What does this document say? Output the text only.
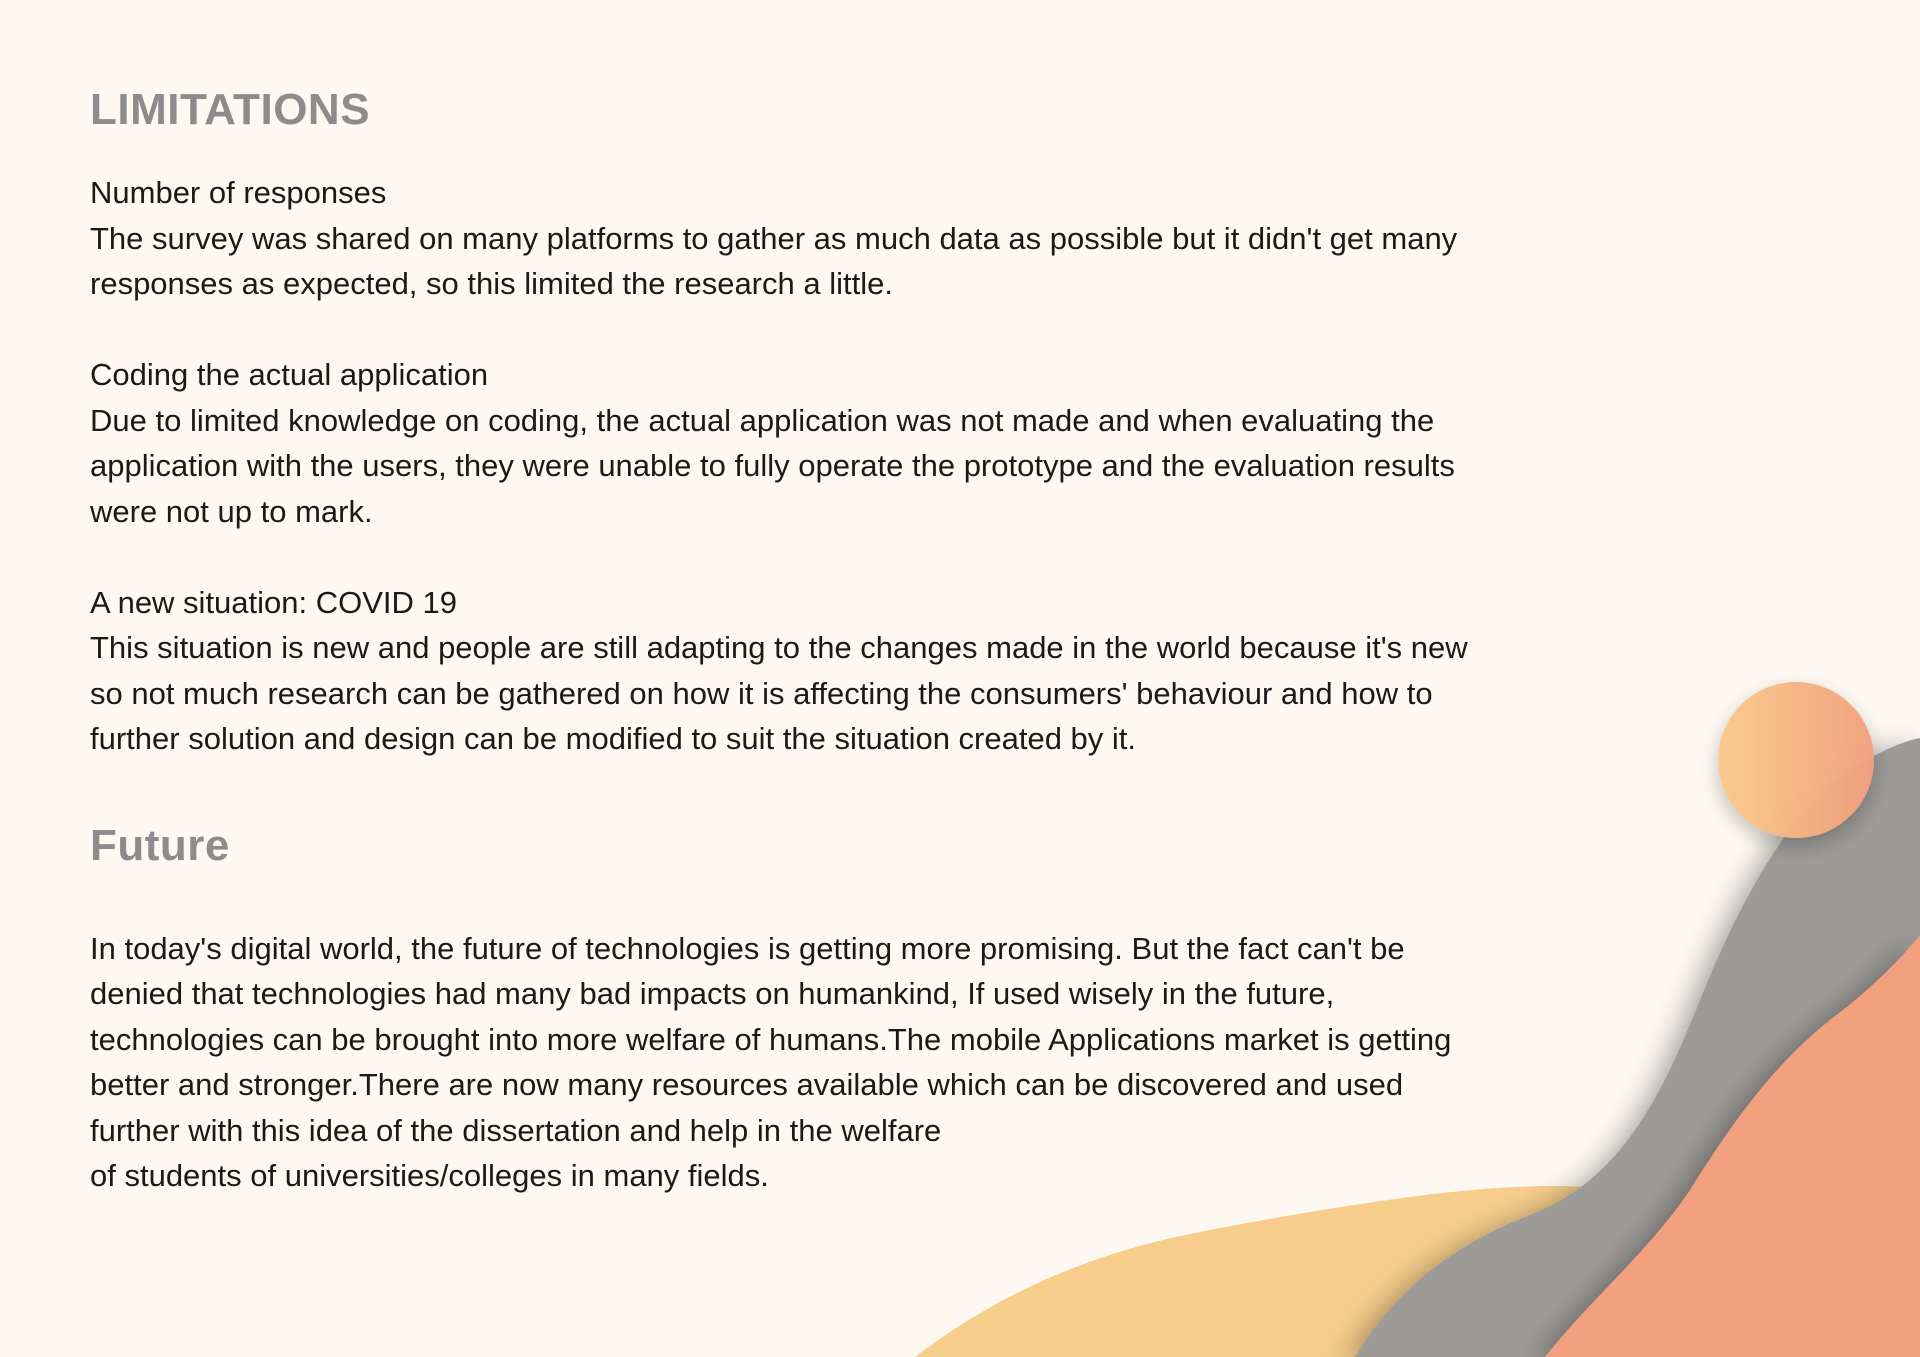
LIMITATIONS

Number of responses

The survey was shared on many platforms to gather as much data as possible but it didn't get many

responses as expected, so this limited the research a little.

Coding the actual application

Due to limited knowledge on coding, the actual application was not made and when evaluating the

application with the users, they were unable to fully operate the prototype and the evaluation results

were not up to mark.

A new situation: COVID 19

This situation is new and people are still adapting to the changes made in the world because it's new

so not much research can be gathered on how it is affecting the consumers' behaviour and how to

further solution and design can be modified to suit the situation created by it.

Future

In today's digital world, the future of technologies is getting more promising. But the fact can't be

denied that technologies had many bad impacts on humankind, If used wisely in the future,

technologies can be brought into more welfare of humans.The mobile Applications market is getting

better and stronger.There are now many resources available which can be discovered and used

further with this idea of the dissertation and help in the welfare

of students of universities/colleges in many fields.
